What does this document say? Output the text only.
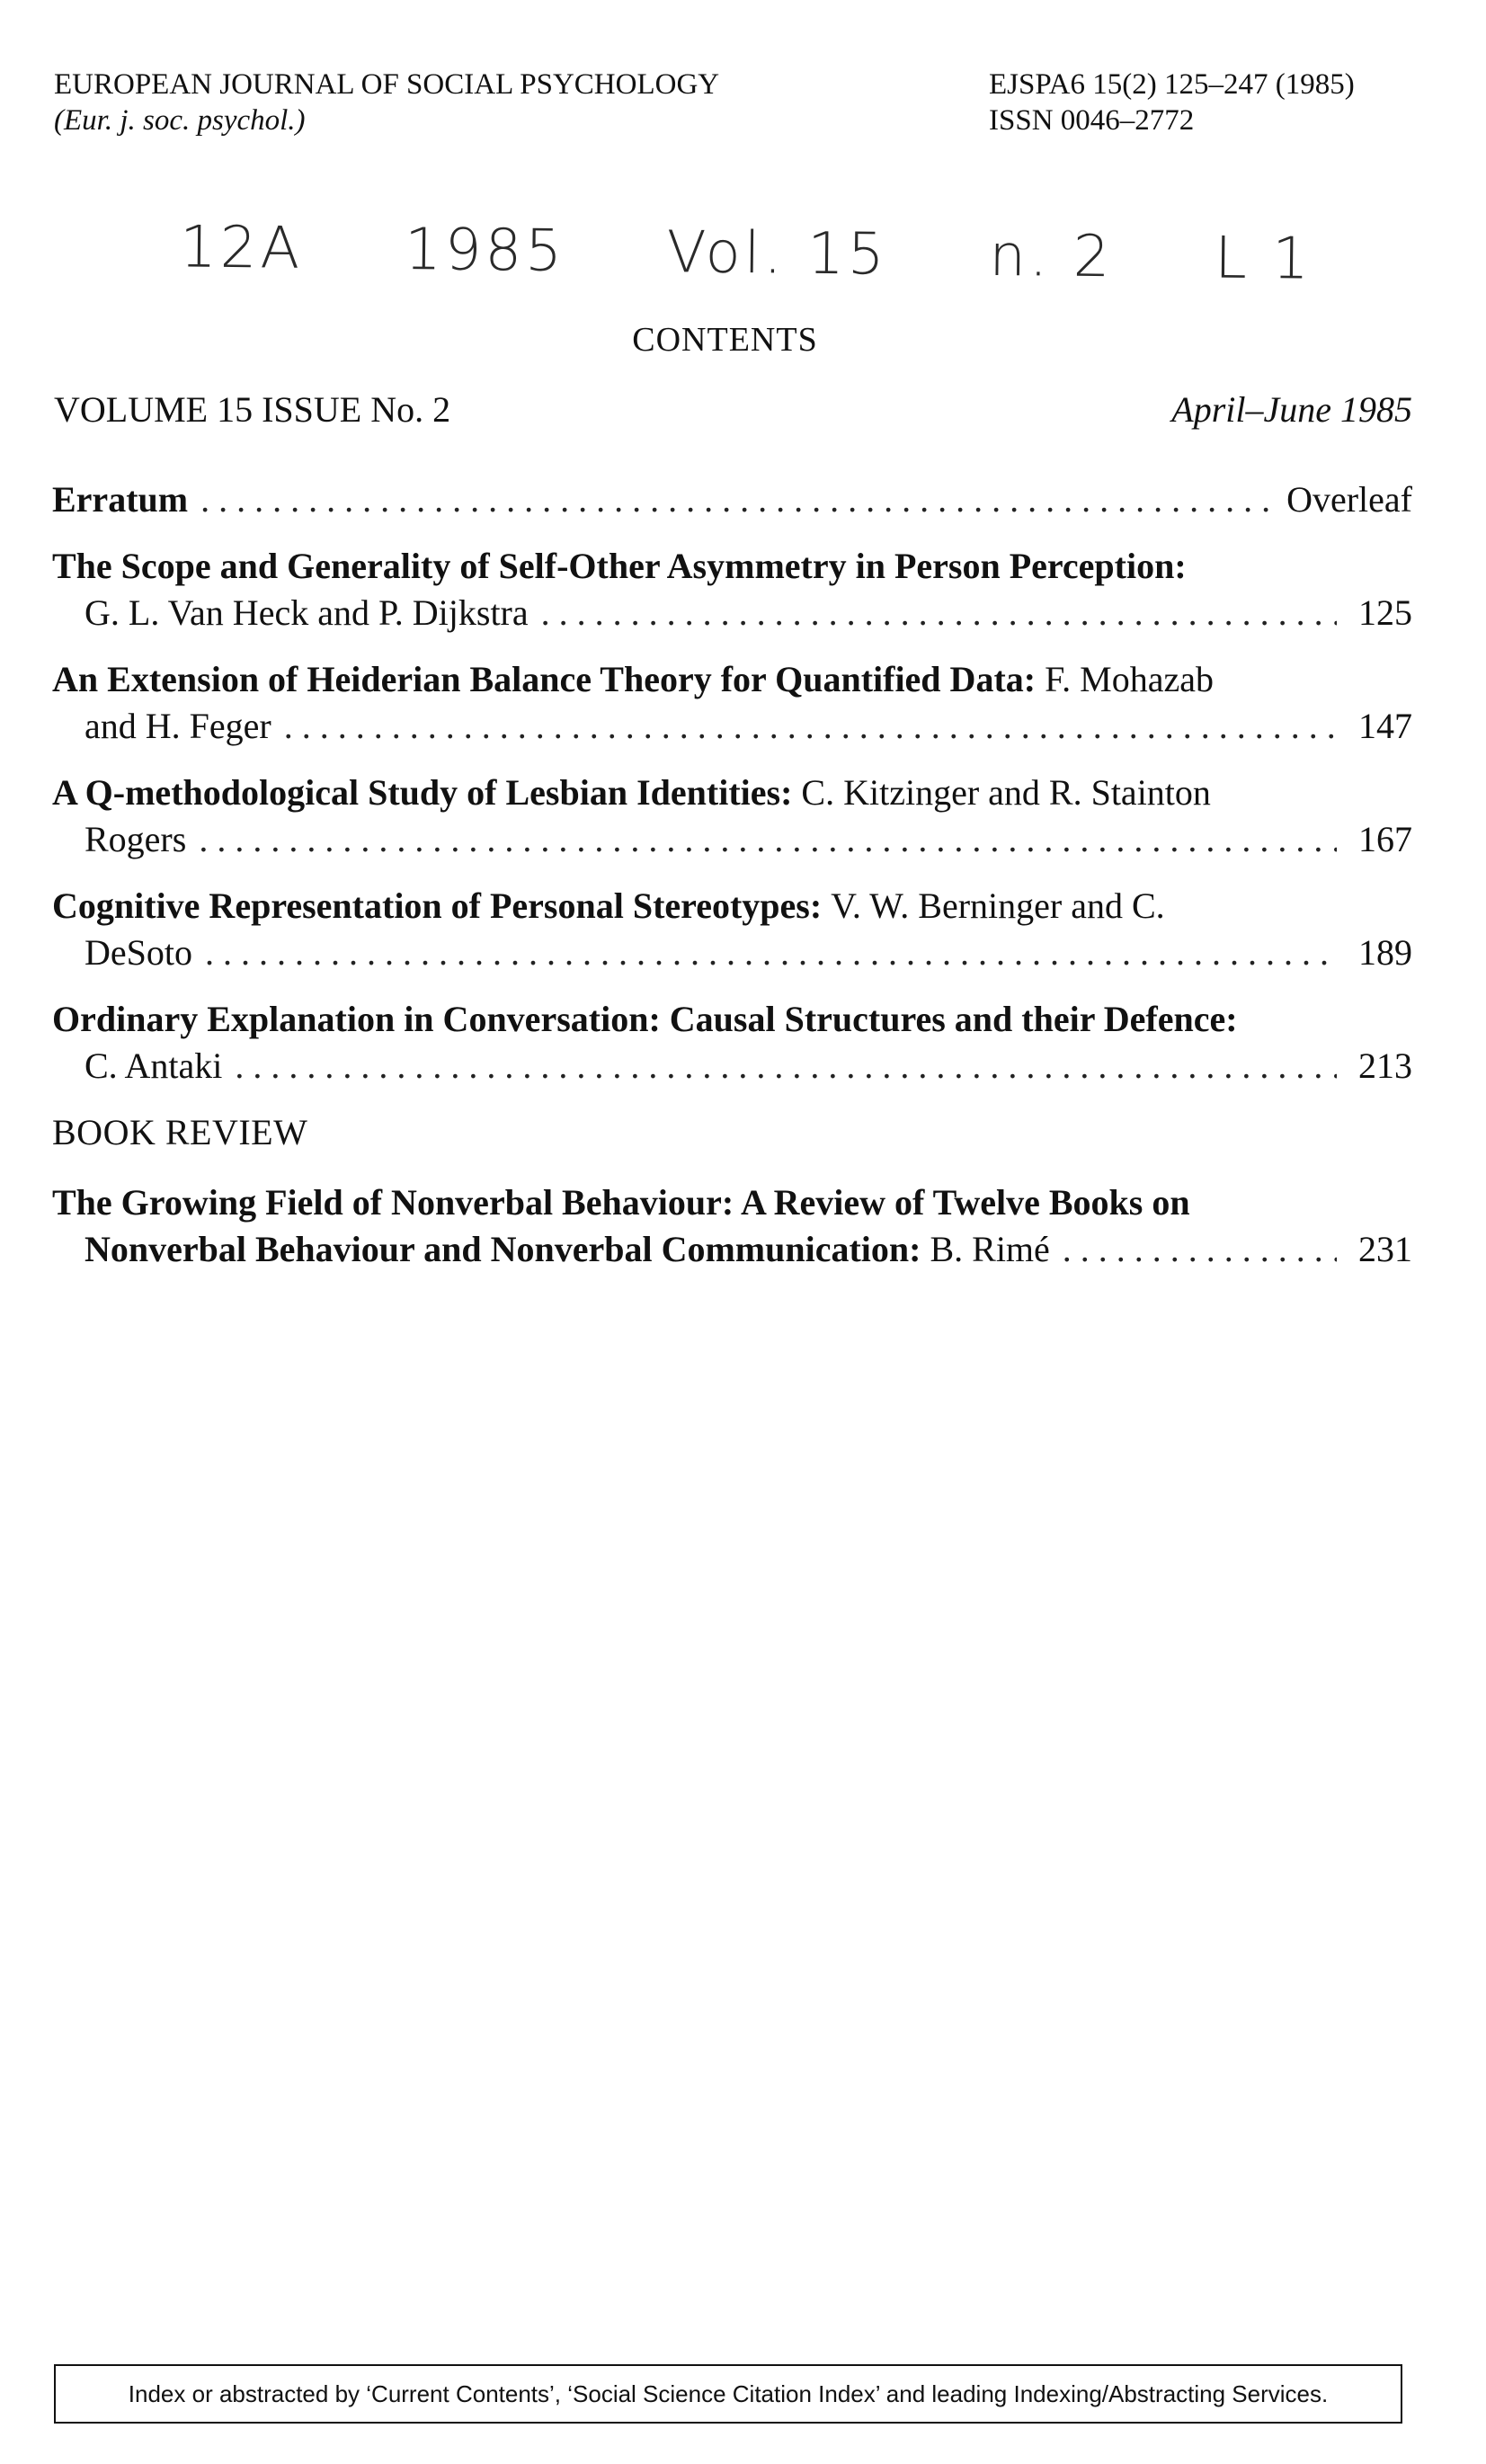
EUROPEAN JOURNAL OF SOCIAL PSYCHOLOGY
(Eur. j. soc. psychol.)
EJSPA6 15(2) 125–247 (1985)
ISSN 0046–2772
12A 1985 Vol. 15 n. 2 L 1
CONTENTS
VOLUME 15 ISSUE No. 2	April–June 1985
Erratum . . .	Overleaf
The Scope and Generality of Self-Other Asymmetry in Person Perception:
G. L. Van Heck and P. Dijkstra . . .	125
An Extension of Heiderian Balance Theory for Quantified Data:
F. Mohazab
and H. Feger . . .	147
A Q-methodological Study of Lesbian Identities:
C. Kitzinger and R. Stainton
Rogers . . .	167
Cognitive Representation of Personal Stereotypes:
V. W. Berninger and C.
DeSoto . . .	189
Ordinary Explanation in Conversation: Causal Structures and their Defence:
C. Antaki . . .	213
BOOK REVIEW
The Growing Field of Nonverbal Behaviour: A Review of Twelve Books on
Nonverbal Behaviour and Nonverbal Communication:
B. Rimé . . .	231
Index or abstracted by ‘Current Contents’, ‘Social Science Citation Index’ and leading Indexing/Abstracting Services.
